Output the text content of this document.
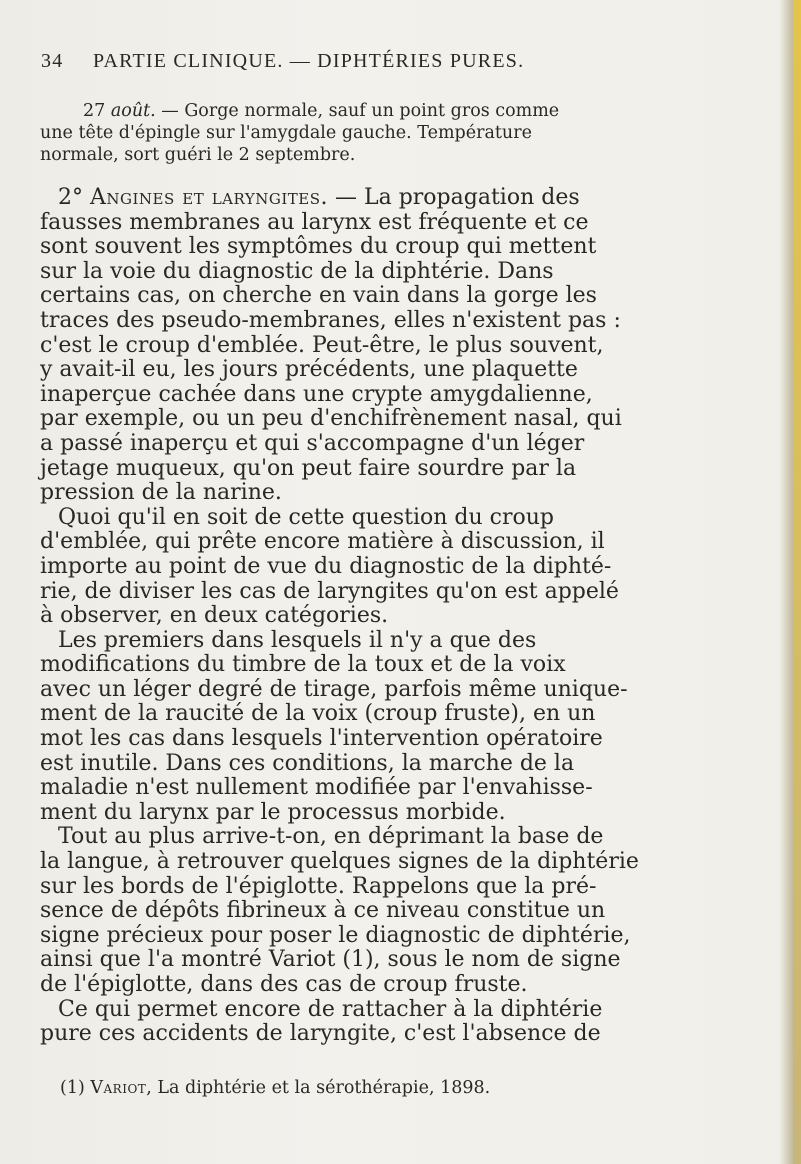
34 PARTIE CLINIQUE. — DIPHTÉRIES PURES.
27 août. — Gorge normale, sauf un point gros comme
une tête d'épingle sur l'amygdale gauche. Température
normale, sort guéri le 2 septembre.
2° Angines et laryngites. — La propagation des
fausses membranes au larynx est fréquente et ce
sont souvent les symptômes du croup qui mettent
sur la voie du diagnostic de la diphtérie. Dans
certains cas, on cherche en vain dans la gorge les
traces des pseudo-membranes, elles n'existent pas :
c'est le croup d'emblée. Peut-être, le plus souvent,
y avait-il eu, les jours précédents, une plaquette
inaperçue cachée dans une crypte amygdalienne,
par exemple, ou un peu d'enchifrènement nasal, qui
a passé inaperçu et qui s'accompagne d'un léger
jetage muqueux, qu'on peut faire sourdre par la
pression de la narine.
Quoi qu'il en soit de cette question du croup
d'emblée, qui prête encore matière à discussion, il
importe au point de vue du diagnostic de la diphté-
rie, de diviser les cas de laryngites qu'on est appelé
à observer, en deux catégories.
Les premiers dans lesquels il n'y a que des
modifications du timbre de la toux et de la voix
avec un léger degré de tirage, parfois même unique-
ment de la raucité de la voix (croup fruste), en un
mot les cas dans lesquels l'intervention opératoire
est inutile. Dans ces conditions, la marche de la
maladie n'est nullement modifiée par l'envahisse-
ment du larynx par le processus morbide.
Tout au plus arrive-t-on, en déprimant la base de
la langue, à retrouver quelques signes de la diphtérie
sur les bords de l'épiglotte. Rappelons que la pré-
sence de dépôts fibrineux à ce niveau constitue un
signe précieux pour poser le diagnostic de diphtérie,
ainsi que l'a montré Variot (1), sous le nom de signe
de l'épiglotte, dans des cas de croup fruste.
Ce qui permet encore de rattacher à la diphtérie
pure ces accidents de laryngite, c'est l'absence de
(1) Variot, La diphtérie et la sérothérapie, 1898.
